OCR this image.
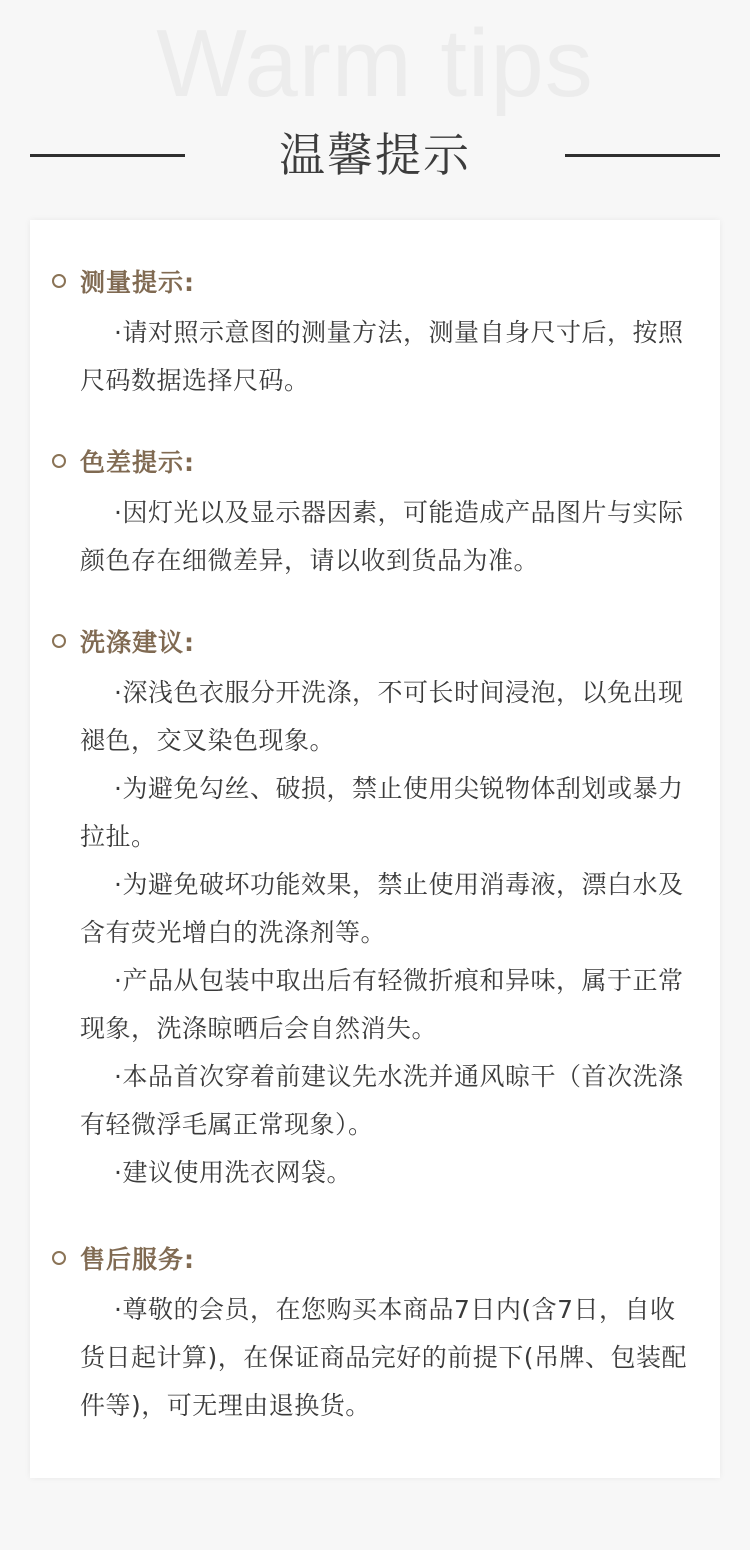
Warm tips
温馨提示
测量提示:
·请对照示意图的测量方法，测量自身尺寸后，按照尺码数据选择尺码。
色差提示:
·因灯光以及显示器因素，可能造成产品图片与实际颜色存在细微差异，请以收到货品为准。
洗涤建议:
·深浅色衣服分开洗涤，不可长时间浸泡，以免出现褪色，交叉染色现象。
·为避免勾丝、破损，禁止使用尖锐物体刮划或暴力拉扯。
·为避免破坏功能效果，禁止使用消毒液，漂白水及含有荧光增白的洗涤剂等。
·产品从包装中取出后有轻微折痕和异味，属于正常现象，洗涤晾晒后会自然消失。
·本品首次穿着前建议先水洗并通风晾干（首次洗涤有轻微浮毛属正常现象）。
·建议使用洗衣网袋。
售后服务:
·尊敬的会员，在您购买本商品7日内(含7日，自收货日起计算)，在保证商品完好的前提下(吊牌、包装配件等)，可无理由退换货。
